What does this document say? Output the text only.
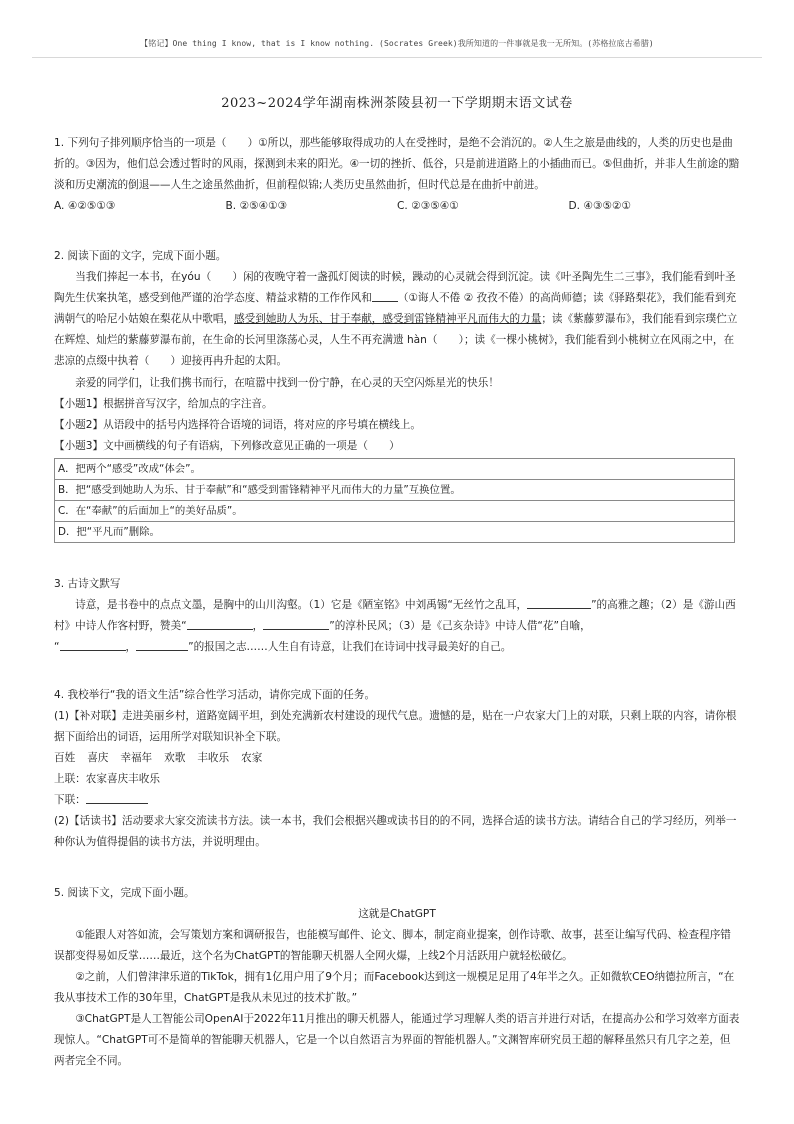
【铭记】One thing I know, that is I know nothing. (Socrates Greek)我所知道的一件事就是我一无所知。(苏格拉底古希腊)
2023~2024学年湖南株洲茶陵县初一下学期期末语文试卷

1. 下列句子排列顺序恰当的一项是（　　）①所以，那些能够取得成功的人在受挫时，是绝不会消沉的。②人生之旅是曲线的，人类的历史也是曲折的。③因为，他们总会透过暂时的风雨，探测到未来的阳光。④一切的挫折、低谷，只是前进道路上的小插曲而已。⑤但曲折，并非人生前途的黯淡和历史潮流的倒退——人生之途虽然曲折，但前程似锦;人类历史虽然曲折，但时代总是在曲折中前进。

A. ④②⑤①③	B. ②⑤④①③	C. ②③⑤④①	D. ④③⑤②①

2. 阅读下面的文字，完成下面小题。

当我们捧起一本书，在yóu（　　）闲的夜晚守着一盏孤灯阅读的时候，躁动的心灵就会得到沉淀。读《叶圣陶先生二三事》，我们能看到叶圣陶先生伏案执笔，感受到他严谨的治学态度、精益求精的工作作风和 （①诲人不倦 ② 孜孜不倦）的高尚师德；读《驿路梨花》，我们能看到充满朝气的哈尼小姑娘在梨花从中歌唱，感受到她助人为乐、甘于奉献，感受到雷锋精神平凡而伟大的力量；读《紫藤萝瀑布》，我们能看到宗璞伫立在辉煌、灿烂的紫藤萝瀑布前，在生命的长河里涤荡心灵，人生不再充满遗 hàn（　　）；读《一棵小桃树》，我们能看到小桃树立在风雨之中，在悲凉的点缀中执着（　　）迎接再冉升起的太阳。

亲爱的同学们，让我们携书而行，在喧嚣中找到一份宁静，在心灵的天空闪烁星光的快乐！

【小题1】根据拼音写汉字，给加点的字注音。

【小题2】从语段中的括号内选择符合语境的词语，将对应的序号填在横线上。

【小题3】文中画横线的句子有语病，下列修改意见正确的一项是（　　）

A．把两个“感受”改成“体会”。
B．把“感受到她助人为乐、甘于奉献”和“感受到雷锋精神平凡而伟大的力量”互换位置。
C．在“奉献”的后面加上“的美好品质”。
D．把“平凡而”删除。

3. 古诗文默写

诗意，是书卷中的点点文墨，是胸中的山川沟壑。（1）它是《陋室铭》中刘禹锡“无丝竹之乱耳，	”的高雅之趣；（2）是《游山西村》中诗人作客村野，赞美“	，	”的淳朴民风；（3）是《己亥杂诗》中诗人借“花”自喻，

“	，	”的报国之志……人生自有诗意，让我们在诗词中找寻最美好的自己。

4. 我校举行“我的语文生活”综合性学习活动，请你完成下面的任务。

(1)【补对联】走进美丽乡村，道路宽阔平坦，到处充满新农村建设的现代气息。遗憾的是，贴在一户农家大门上的对联，只剩上联的内容，请你根据下面给出的词语，运用所学对联知识补全下联。

百姓 喜庆 幸福年 欢歌 丰收乐 农家

上联：农家喜庆丰收乐

下联：

(2)【话读书】活动要求大家交流读书方法。读一本书，我们会根据兴趣或读书目的的不同，选择合适的读书方法。请结合自己的学习经历，列举一种你认为值得提倡的读书方法，并说明理由。

5. 阅读下文，完成下面小题。

这就是ChatGPT

①能跟人对答如流，会写策划方案和调研报告，也能模写邮件、论文、脚本，制定商业提案，创作诗歌、故事，甚至让编写代码、检查程序错误都变得易如反掌……最近，这个名为ChatGPT的智能聊天机器人全网火爆，上线2个月活跃用户就轻松破亿。

②之前，人们曾津津乐道的TikTok，拥有1亿用户用了9个月；而Facebook达到这一规模足足用了4年半之久。正如微软CEO纳德拉所言，“在我从事技术工作的30年里，ChatGPT是我从未见过的技术扩散。”

③ChatGPT是人工智能公司OpenAI于2022年11月推出的聊天机器人，能通过学习理解人类的语言并进行对话，在提高办公和学习效率方面表现惊人。“ChatGPT可不是简单的智能聊天机器人，它是一个以自然语言为界面的智能机器人。”文渊智库研究员王超的解释虽然只有几字之差，但两者完全不同。
